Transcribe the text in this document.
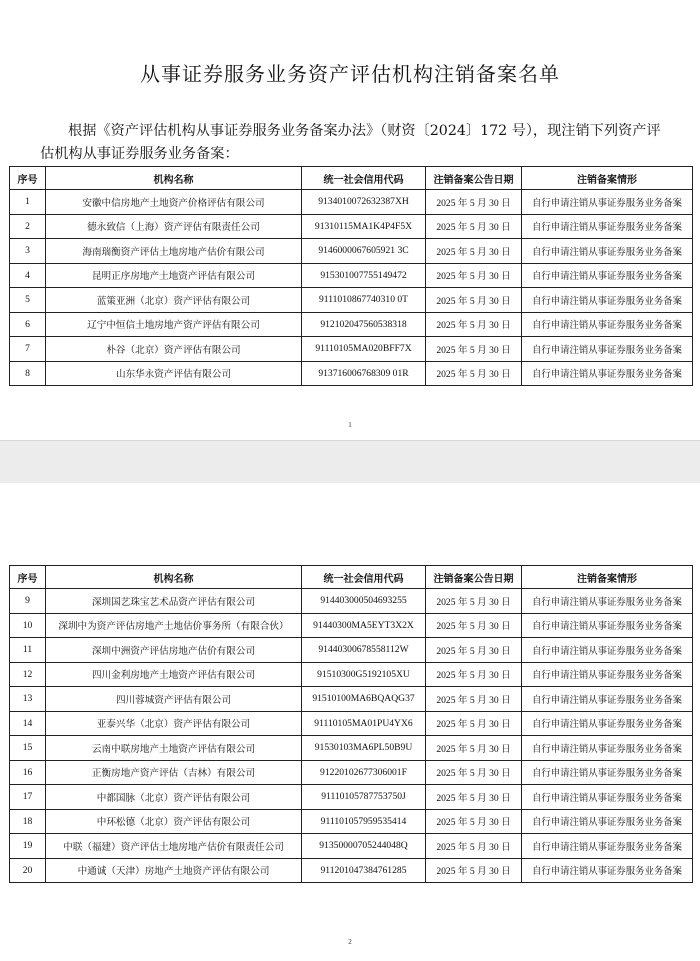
从事证券服务业务资产评估机构注销备案名单
根据《资产评估机构从事证券服务业务备案办法》（财资〔2024〕172 号），现注销下列资产评估机构从事证券服务业务备案：
序号	机构名称	统一社会信用代码	注销备案公告日期	注销备案情形
1	安徽中信房地产土地资产价格评估有限公司	9134010072632387XH	2025 年 5 月 30 日	自行申请注销从事证券服务业务备案
2	德永致信（上海）资产评估有限责任公司	91310115MA1K4P4F5X	2025 年 5 月 30 日	自行申请注销从事证券服务业务备案
3	海南瑞衡资产评估土地房地产估价有限公司	9146000067605921 3C	2025 年 5 月 30 日	自行申请注销从事证券服务业务备案
4	昆明正序房地产土地资产评估有限公司	915301007755149472	2025 年 5 月 30 日	自行申请注销从事证券服务业务备案
5	蓝策亚洲（北京）资产评估有限公司	9111010867740310 0T	2025 年 5 月 30 日	自行申请注销从事证券服务业务备案
6	辽宁中恒信土地房地产资产评估有限公司	912102047560538318	2025 年 5 月 30 日	自行申请注销从事证券服务业务备案
7	朴谷（北京）资产评估有限公司	91110105MA020BFF7X	2025 年 5 月 30 日	自行申请注销从事证券服务业务备案
8	山东华永资产评估有限公司	913716006768309 01R	2025 年 5 月 30 日	自行申请注销从事证券服务业务备案
1
序号	机构名称	统一社会信用代码	注销备案公告日期	注销备案情形
9	深圳国艺珠宝艺术品资产评估有限公司	914403000504693255	2025 年 5 月 30 日	自行申请注销从事证券服务业务备案
10	深圳中为资产评估房地产土地估价事务所（有限合伙）	91440300MA5EYT3X2X	2025 年 5 月 30 日	自行申请注销从事证券服务业务备案
11	深圳中洲资产评估房地产估价有限公司	91440300678558112W	2025 年 5 月 30 日	自行申请注销从事证券服务业务备案
12	四川金利房地产土地资产评估有限公司	91510300G5192105XU	2025 年 5 月 30 日	自行申请注销从事证券服务业务备案
13	四川蓉城资产评估有限公司	91510100MA6BQAQG37	2025 年 5 月 30 日	自行申请注销从事证券服务业务备案
14	亚泰兴华（北京）资产评估有限公司	91110105MA01PU4YX6	2025 年 5 月 30 日	自行申请注销从事证券服务业务备案
15	云南中联房地产土地资产评估有限公司	91530103MA6PL50B9U	2025 年 5 月 30 日	自行申请注销从事证券服务业务备案
16	正衡房地产资产评估（吉林）有限公司	91220102677306001F	2025 年 5 月 30 日	自行申请注销从事证券服务业务备案
17	中都国脉（北京）资产评估有限公司	91110105787753750J	2025 年 5 月 30 日	自行申请注销从事证券服务业务备案
18	中环松德（北京）资产评估有限公司	911101057959535414	2025 年 5 月 30 日	自行申请注销从事证券服务业务备案
19	中联（福建）资产评估土地房地产估价有限责任公司	91350000705244048Q	2025 年 5 月 30 日	自行申请注销从事证券服务业务备案
20	中通诚（天津）房地产土地资产评估有限公司	911201047384761285	2025 年 5 月 30 日	自行申请注销从事证券服务业务备案
2
